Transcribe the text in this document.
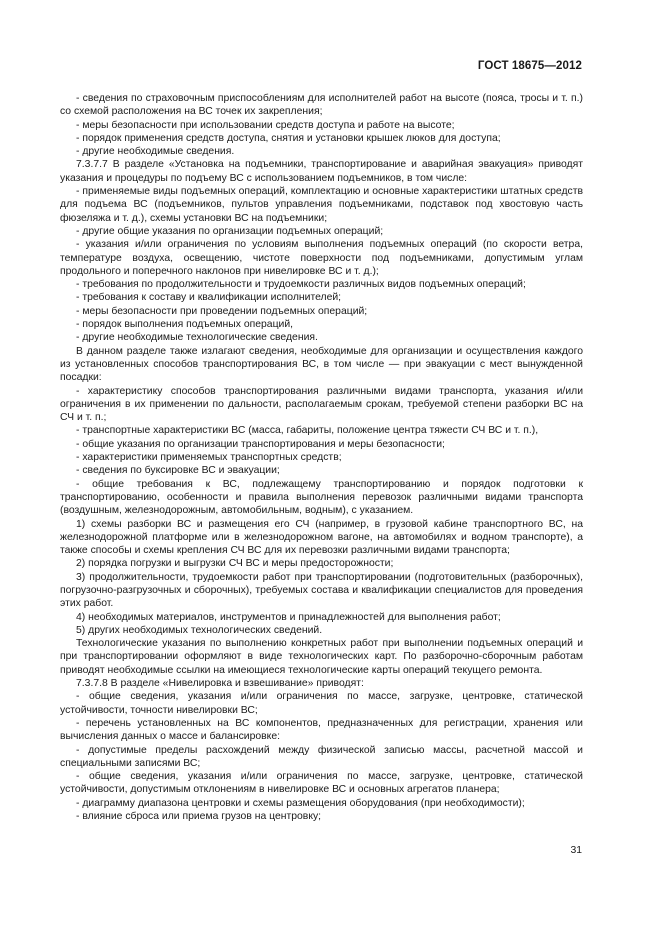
ГОСТ 18675—2012

- сведения по страховочным приспособлениям для исполнителей работ на высоте (пояса, тросы и т. п.) со схемой расположения на ВС точек их закрепления;

- меры безопасности при использовании средств доступа и работе на высоте;

- порядок применения средств доступа, снятия и установки крышек люков для доступа;

- другие необходимые сведения.

7.3.7.7 В разделе «Установка на подъемники, транспортирование и аварийная эвакуация» приводят указания и процедуры по подъему ВС с использованием подъемников, в том числе:

- применяемые виды подъемных операций, комплектацию и основные характеристики штатных средств для подъема ВС (подъемников, пультов управления подъемниками, подставок под хвостовую часть фюзеляжа и т. д.), схемы установки ВС на подъемники;

- другие общие указания по организации подъемных операций;

- указания и/или ограничения по условиям выполнения подъемных операций (по скорости ветра, температуре воздуха, освещению, чистоте поверхности под подъемниками, допустимым углам продольного и поперечного наклонов при нивелировке ВС и т. д.);

- требования по продолжительности и трудоемкости различных видов подъемных операций;

- требования к составу и квалификации исполнителей;

- меры безопасности при проведении подъемных операций;

- порядок выполнения подъемных операций,

- другие необходимые технологические сведения.

В данном разделе также излагают сведения, необходимые для организации и осуществления каждого из установленных способов транспортирования ВС, в том числе — при эвакуации с мест вынужденной посадки:

- характеристику способов транспортирования различными видами транспорта, указания и/или ограничения в их применении по дальности, располагаемым срокам, требуемой степени разборки ВС на СЧ и т. п.;

- транспортные характеристики ВС (масса, габариты, положение центра тяжести СЧ ВС и т. п.),

- общие указания по организации транспортирования и меры безопасности;

- характеристики применяемых транспортных средств;

- сведения по буксировке ВС и эвакуации;

- общие требования к ВС, подлежащему транспортированию и порядок подготовки к транспортированию, особенности и правила выполнения перевозок различными видами транспорта (воздушным, железнодорожным, автомобильным, водным), с указанием.

1) схемы разборки ВС и размещения его СЧ (например, в грузовой кабине транспортного ВС, на железнодорожной платформе или в железнодорожном вагоне, на автомобилях и водном транспорте), а также способы и схемы крепления СЧ ВС для их перевозки различными видами транспорта;

2) порядка погрузки и выгрузки СЧ ВС и меры предосторожности;

3) продолжительности, трудоемкости работ при транспортировании (подготовительных (разборочных), погрузочно-разгрузочных и сборочных), требуемых состава и квалификации специалистов для проведения этих работ.

4) необходимых материалов, инструментов и принадлежностей для выполнения работ;

5) других необходимых технологических сведений.

Технологические указания по выполнению конкретных работ при выполнении подъемных операций и при транспортировании оформляют в виде технологических карт. По разборочно-сборочным работам приводят необходимые ссылки на имеющиеся технологические карты операций текущего ремонта.

7.3.7.8 В разделе «Нивелировка и взвешивание» приводят:

- общие сведения, указания и/или ограничения по массе, загрузке, центровке, статической устойчивости, точности нивелировки ВС;

- перечень установленных на ВС компонентов, предназначенных для регистрации, хранения или вычисления данных о массе и балансировке:

- допустимые пределы расхождений между физической записью массы, расчетной массой и специальными записями ВС;

- общие сведения, указания и/или ограничения по массе, загрузке, центровке, статической устойчивости, допустимым отклонениям в нивелировке ВС и основных агрегатов планера;

- диаграмму диапазона центровки и схемы размещения оборудования (при необходимости);

- влияние сброса или приема грузов на центровку;

31
